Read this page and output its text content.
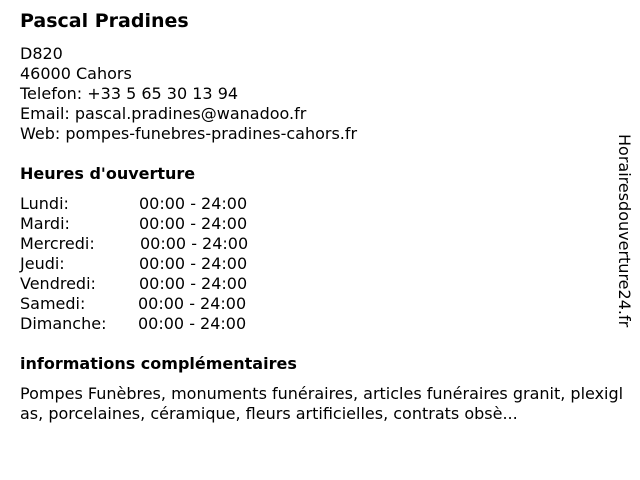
Pascal Pradines
D820
46000 Cahors
Telefon: +33 5 65 30 13 94
Email: pascal.pradines@wanadoo.fr
Web: pompes-funebres-pradines-cahors.fr
Heures d'ouverture
Lundi:	00:00 - 24:00
Mardi:	00:00 - 24:00
Mercredi:	00:00 - 24:00
Jeudi:	00:00 - 24:00
Vendredi:	00:00 - 24:00
Samedi:	00:00 - 24:00
Dimanche: 00:00 - 24:00
informations complémentaires
Pompes Funèbres, monuments funéraires, articles funéraires granit, plexiglas, porcelaines, céramique, fleurs artificielles, contrats obsè...
Horairesdouverture24.fr
